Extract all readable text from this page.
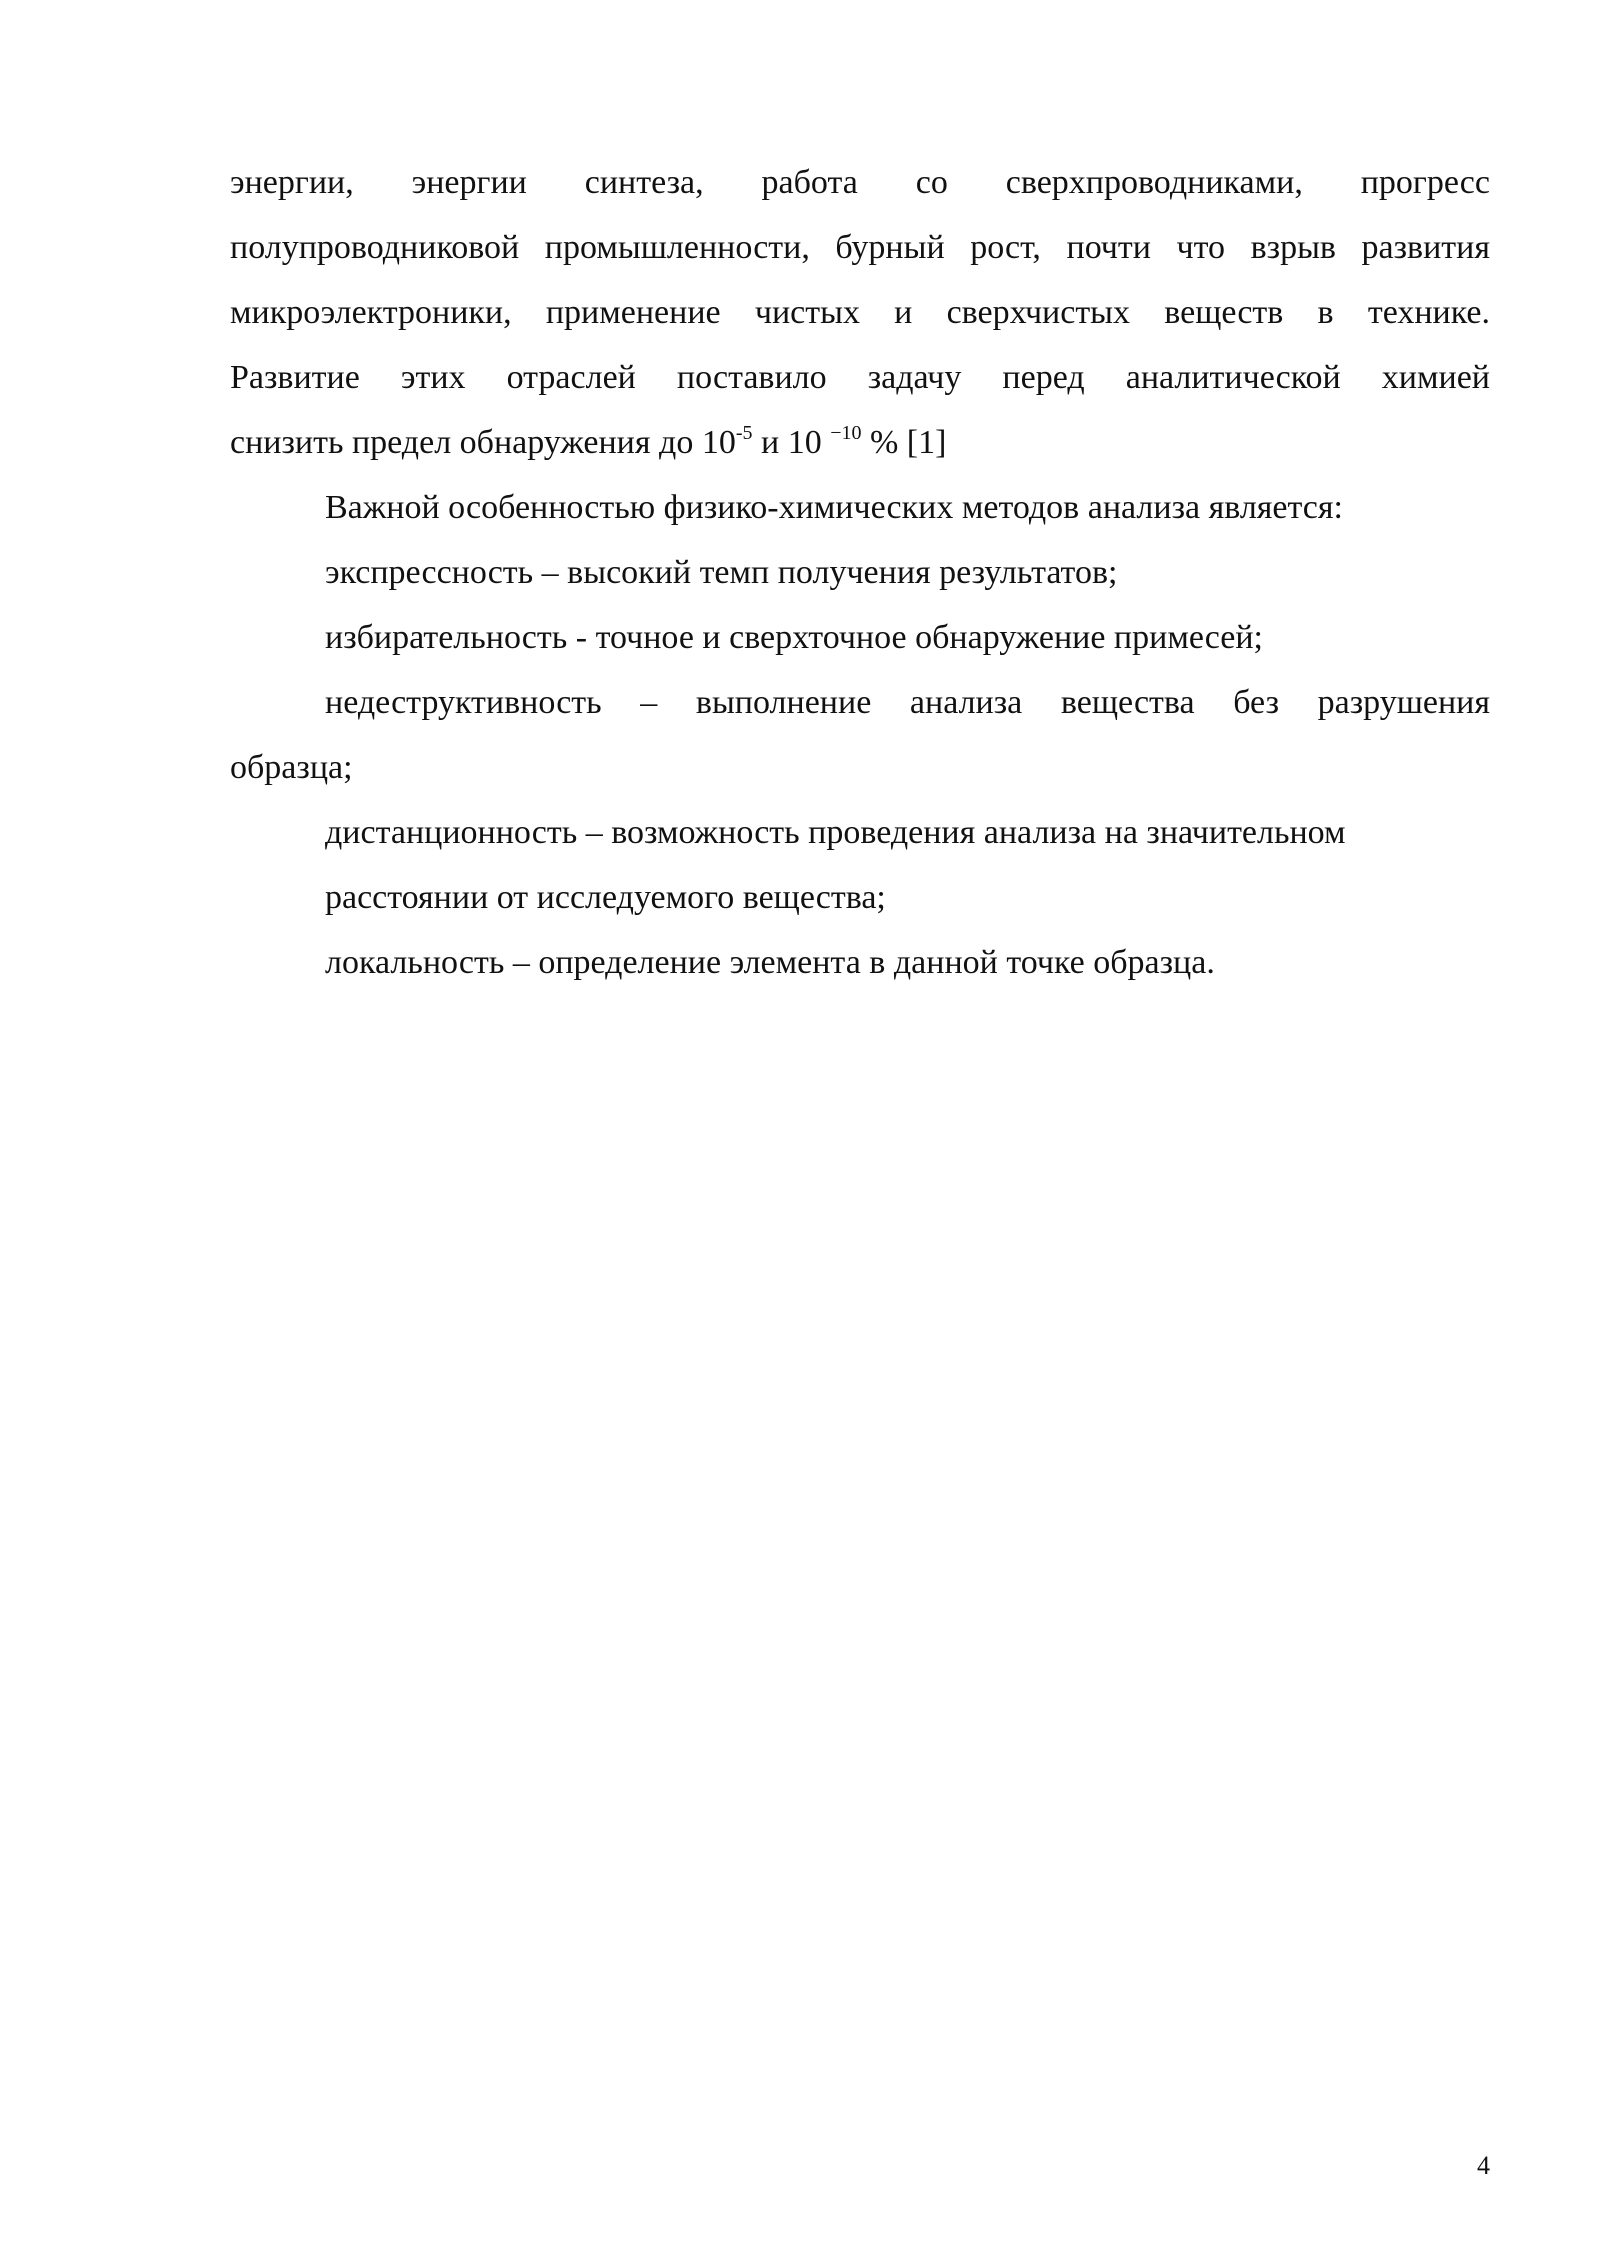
энергии, энергии синтеза, работа со сверхпроводниками, прогресс
полупроводниковой промышленности, бурный рост, почти что взрыв развития
микроэлектроники, применение чистых и сверхчистых веществ в технике.
Развитие этих отраслей поставило задачу перед аналитической химией
снизить предел обнаружения до $10^{-5}$ и 10 $^{-10}$ % [1]

Важной особенностью физико-химических методов анализа является:

экспрессность – высокий темп получения результатов;

избирательность - точное и сверхточное обнаружение примесей;

недеструктивность – выполнение анализа вещества без разрушения
образца;

дистанционность – возможность проведения анализа на значительном
расстоянии от исследуемого вещества;

локальность – определение элемента в данной точке образца.

4
